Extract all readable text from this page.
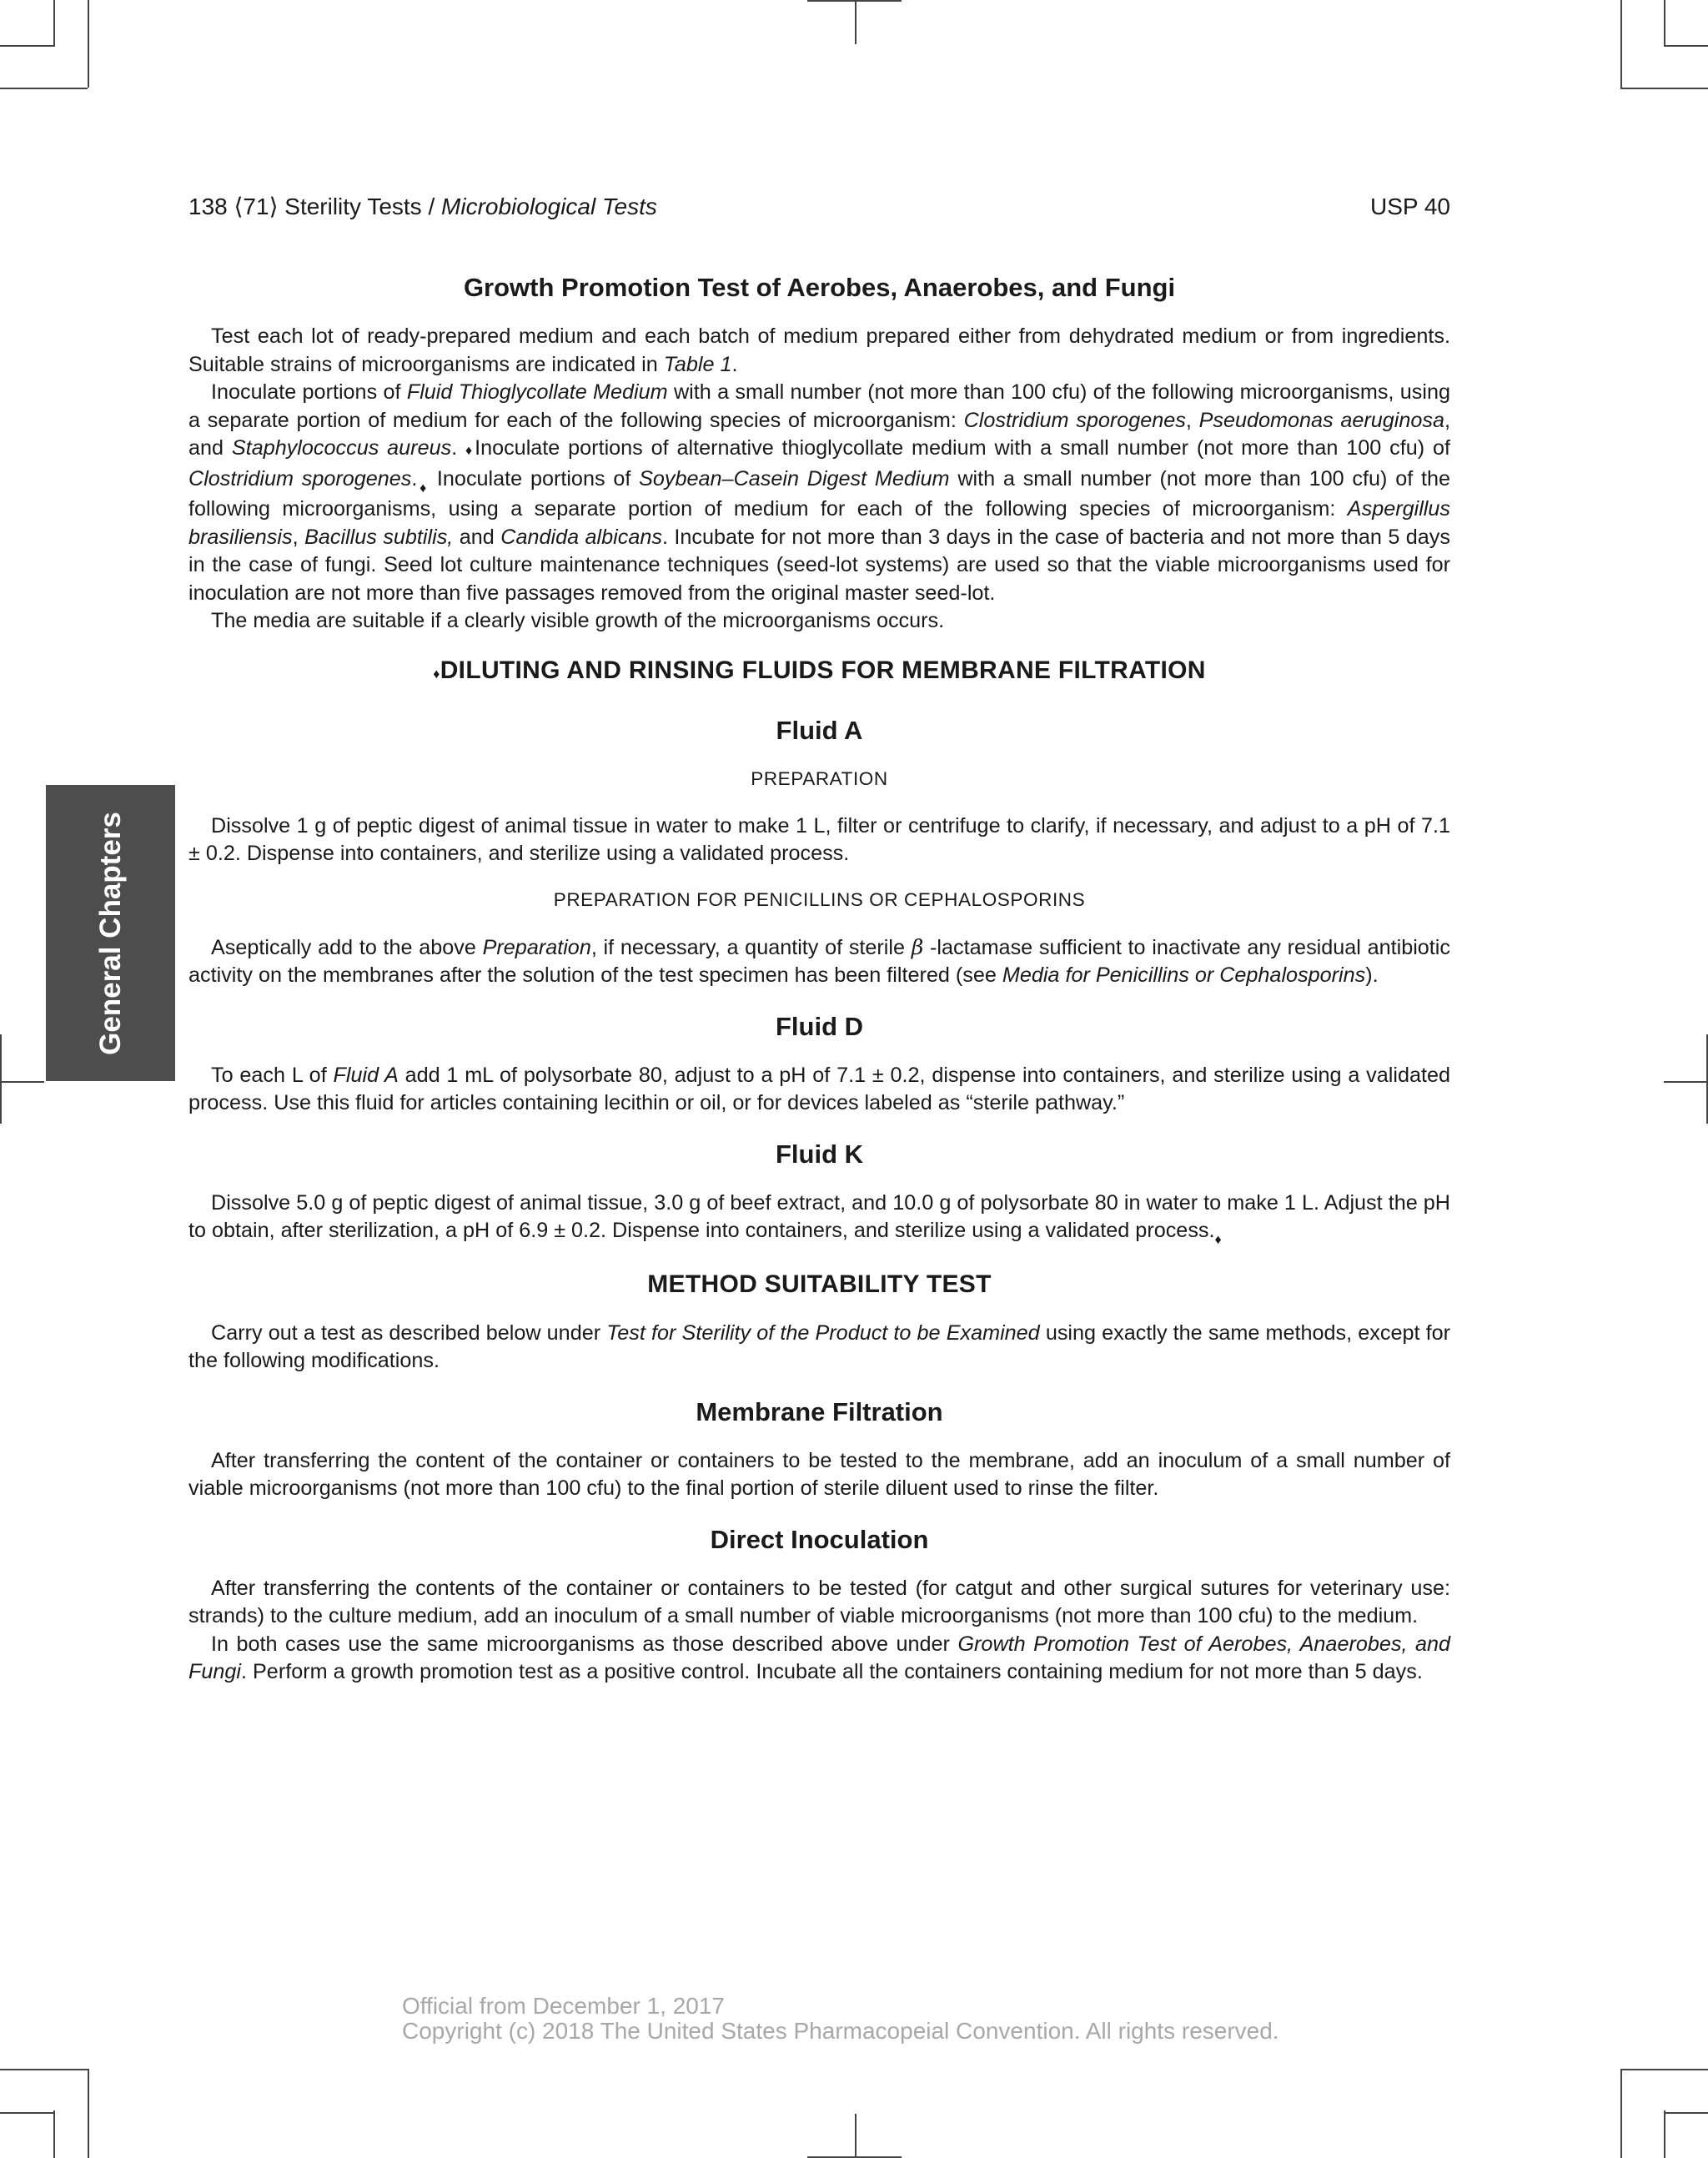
138 ⟨71⟩ Sterility Tests / Microbiological Tests	USP 40
General Chapters
Growth Promotion Test of Aerobes, Anaerobes, and Fungi

Test each lot of ready-prepared medium and each batch of medium prepared either from dehydrated medium or from ingredients. Suitable strains of microorganisms are indicated in Table 1.

Inoculate portions of Fluid Thioglycollate Medium with a small number (not more than 100 cfu) of the following microorganisms, using a separate portion of medium for each of the following species of microorganism: Clostridium sporogenes, Pseudomonas aeruginosa, and Staphylococcus aureus. ♦Inoculate portions of alternative thioglycollate medium with a small number (not more than 100 cfu) of Clostridium $sporogenes._♦$ Inoculate portions of Soybean–Casein Digest Medium with a small number (not more than 100 cfu) of the following microorganisms, using a separate portion of medium for each of the following species of microorganism: Aspergillus brasiliensis, Bacillus subtilis, and Candida albicans. Incubate for not more than 3 days in the case of bacteria and not more than 5 days in the case of fungi. Seed lot culture maintenance techniques (seed-lot systems) are used so that the viable microorganisms used for inoculation are not more than five passages removed from the original master seed-lot.

The media are suitable if a clearly visible growth of the microorganisms occurs.

♦DILUTING AND RINSING FLUIDS FOR MEMBRANE FILTRATION
Fluid A
PREPARATION

Dissolve 1 g of peptic digest of animal tissue in water to make 1 L, filter or centrifuge to clarify, if necessary, and adjust to a pH of 7.1 ± 0.2. Dispense into containers, and sterilize using a validated process.

PREPARATION FOR PENICILLINS OR CEPHALOSPORINS

Aseptically add to the above Preparation, if necessary, a quantity of sterile β -lactamase sufficient to inactivate any residual antibiotic activity on the membranes after the solution of the test specimen has been filtered (see Media for Penicillins or Cephalosporins).

Fluid D

To each L of Fluid A add 1 mL of polysorbate 80, adjust to a pH of 7.1 ± 0.2, dispense into containers, and sterilize using a validated process. Use this fluid for articles containing lecithin or oil, or for devices labeled as “sterile pathway.”

Fluid K

Dissolve 5.0 g of peptic digest of animal tissue, 3.0 g of beef extract, and 10.0 g of polysorbate 80 in water to make 1 L. Adjust the pH to obtain, after sterilization, a pH of 6.9 ± 0.2. Dispense into containers, and sterilize using a validated $process._♦$

METHOD SUITABILITY TEST

Carry out a test as described below under Test for Sterility of the Product to be Examined using exactly the same methods, except for the following modifications.

Membrane Filtration

After transferring the content of the container or containers to be tested to the membrane, add an inoculum of a small number of viable microorganisms (not more than 100 cfu) to the final portion of sterile diluent used to rinse the filter.

Direct Inoculation

After transferring the contents of the container or containers to be tested (for catgut and other surgical sutures for veterinary use: strands) to the culture medium, add an inoculum of a small number of viable microorganisms (not more than 100 cfu) to the medium.

In both cases use the same microorganisms as those described above under Growth Promotion Test of Aerobes, Anaerobes, and Fungi. Perform a growth promotion test as a positive control. Incubate all the containers containing medium for not more than 5 days.

Official from December 1, 2017
Copyright (c) 2018 The United States Pharmacopeial Convention. All rights reserved.
